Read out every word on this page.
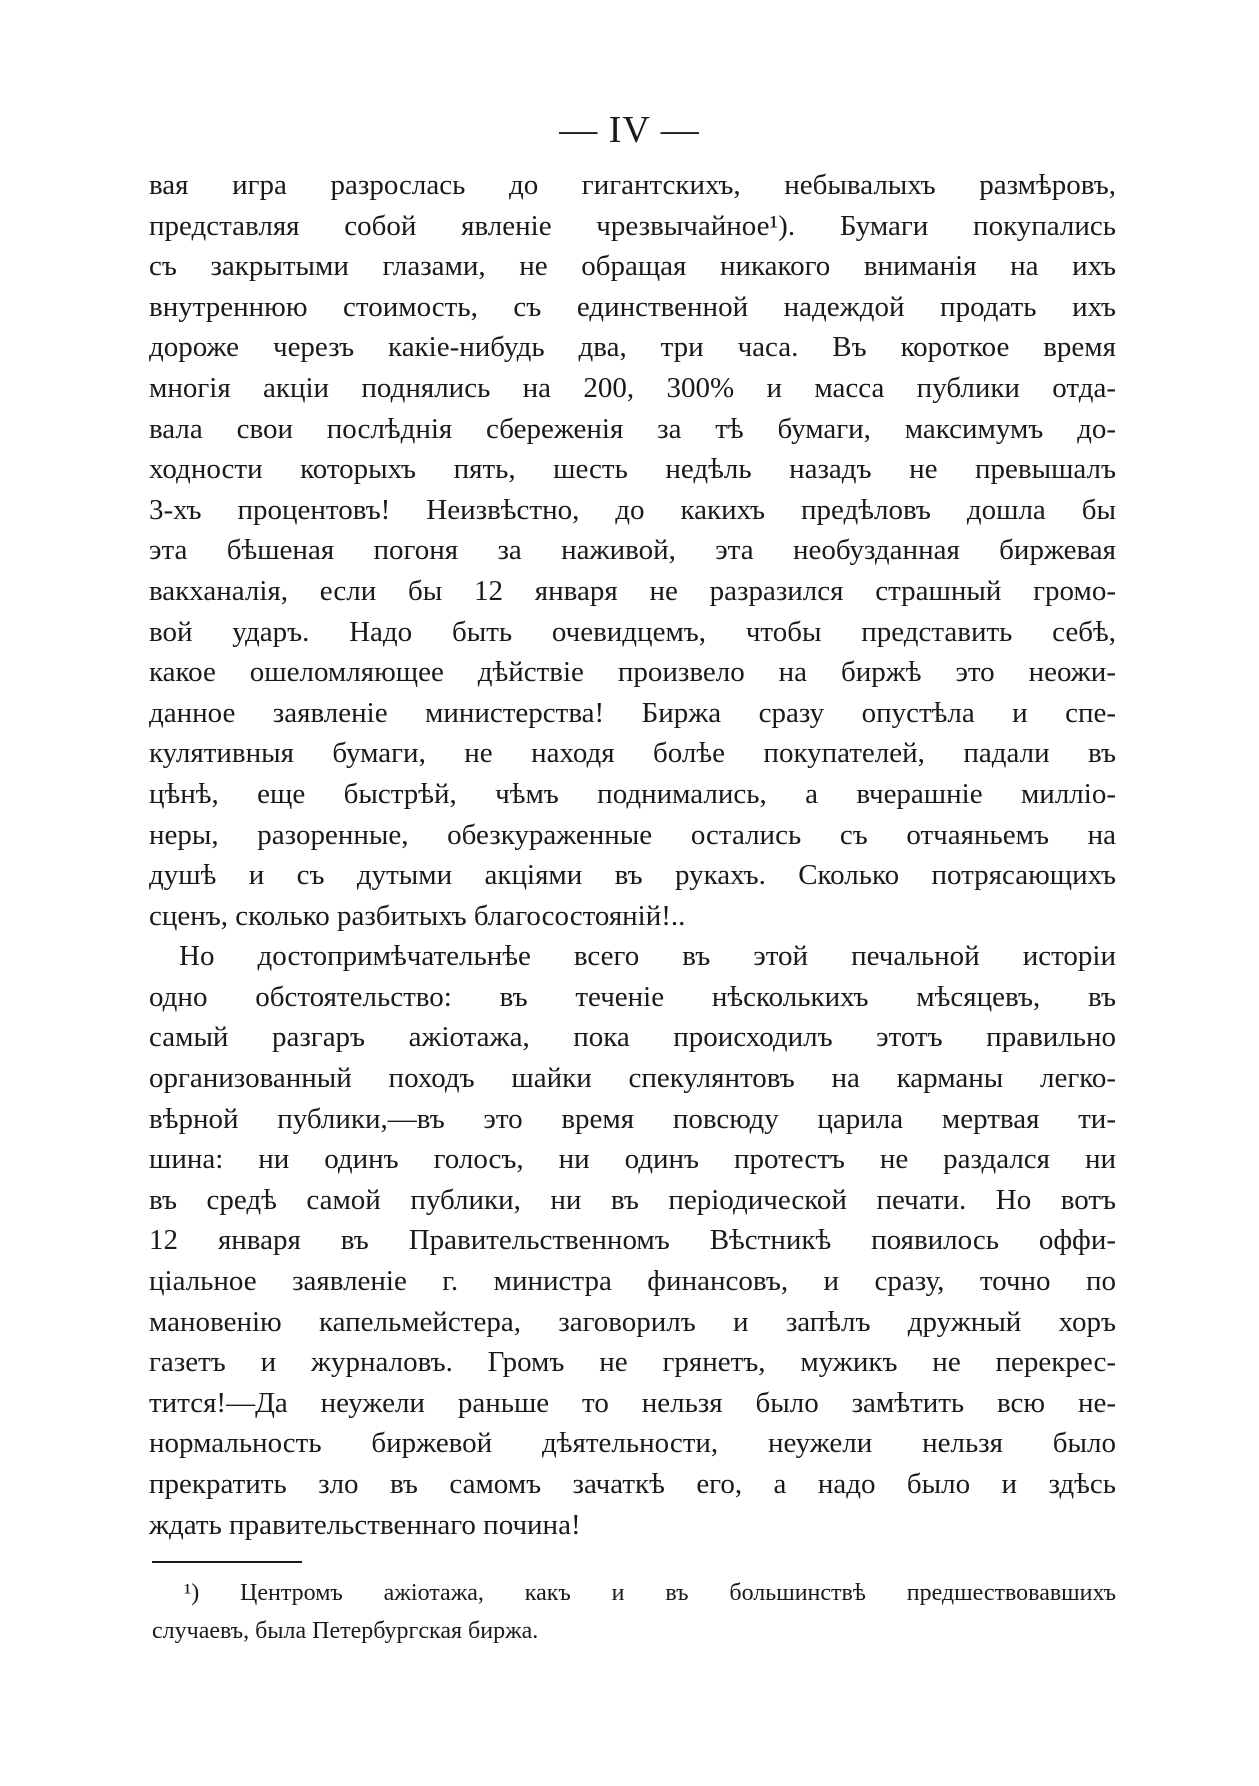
— IV —
вая игра разрослась до гигантскихъ, небывалыхъ размѣровъ,
представляя собой явленіе чрезвычайное¹). Бумаги покупались
съ закрытыми глазами, не обращая никакого вниманія на ихъ
внутреннюю стоимость, съ единственной надеждой продать ихъ
дороже черезъ какіе-нибудь два, три часа. Въ короткое время
многія акціи поднялись на 200, 300% и масса публики отда-
вала свои послѣднія сбереженія за тѣ бумаги, максимумъ до-
ходности которыхъ пять, шесть недѣль назадъ не превышалъ
3-хъ процентовъ! Неизвѣстно, до какихъ предѣловъ дошла бы
эта бѣшеная погоня за наживой, эта необузданная биржевая
вакханалія, если бы 12 января не разразился страшный громо-
вой ударъ. Надо быть очевидцемъ, чтобы представить себѣ,
какое ошеломляющее дѣйствіе произвело на биржѣ это неожи-
данное заявленіе министерства! Биржа сразу опустѣла и спе-
кулятивныя бумаги, не находя болѣе покупателей, падали въ
цѣнѣ, еще быстрѣй, чѣмъ поднимались, а вчерашніе милліо-
неры, разоренные, обезкураженные остались съ отчаяньемъ на
душѣ и съ дутыми акціями въ рукахъ. Сколько потрясающихъ
сценъ, сколько разбитыхъ благосостояній!..
Но достопримѣчательнѣе всего въ этой печальной исторіи
одно обстоятельство: въ теченіе нѣсколькихъ мѣсяцевъ, въ
самый разгаръ ажіотажа, пока происходилъ этотъ правильно
организованный походъ шайки спекулянтовъ на карманы легко-
вѣрной публики,—въ это время повсюду царила мертвая ти-
шина: ни одинъ голосъ, ни одинъ протестъ не раздался ни
въ средѣ самой публики, ни въ періодической печати. Но вотъ
12 января въ Правительственномъ Вѣстникѣ появилось оффи-
ціальное заявленіе г. министра финансовъ, и сразу, точно по
мановенію капельмейстера, заговорилъ и запѣлъ дружный хоръ
газетъ и журналовъ. Громъ не грянетъ, мужикъ не перекрес-
тится!—Да неужели раньше то нельзя было замѣтить всю не-
нормальность биржевой дѣятельности, неужели нельзя было
прекратить зло въ самомъ зачаткѣ его, а надо было и здѣсь
ждать правительственнаго почина!
¹) Центромъ ажіотажа, какъ и въ большинствѣ предшествовавшихъ
случаевъ, была Петербургская биржа.
